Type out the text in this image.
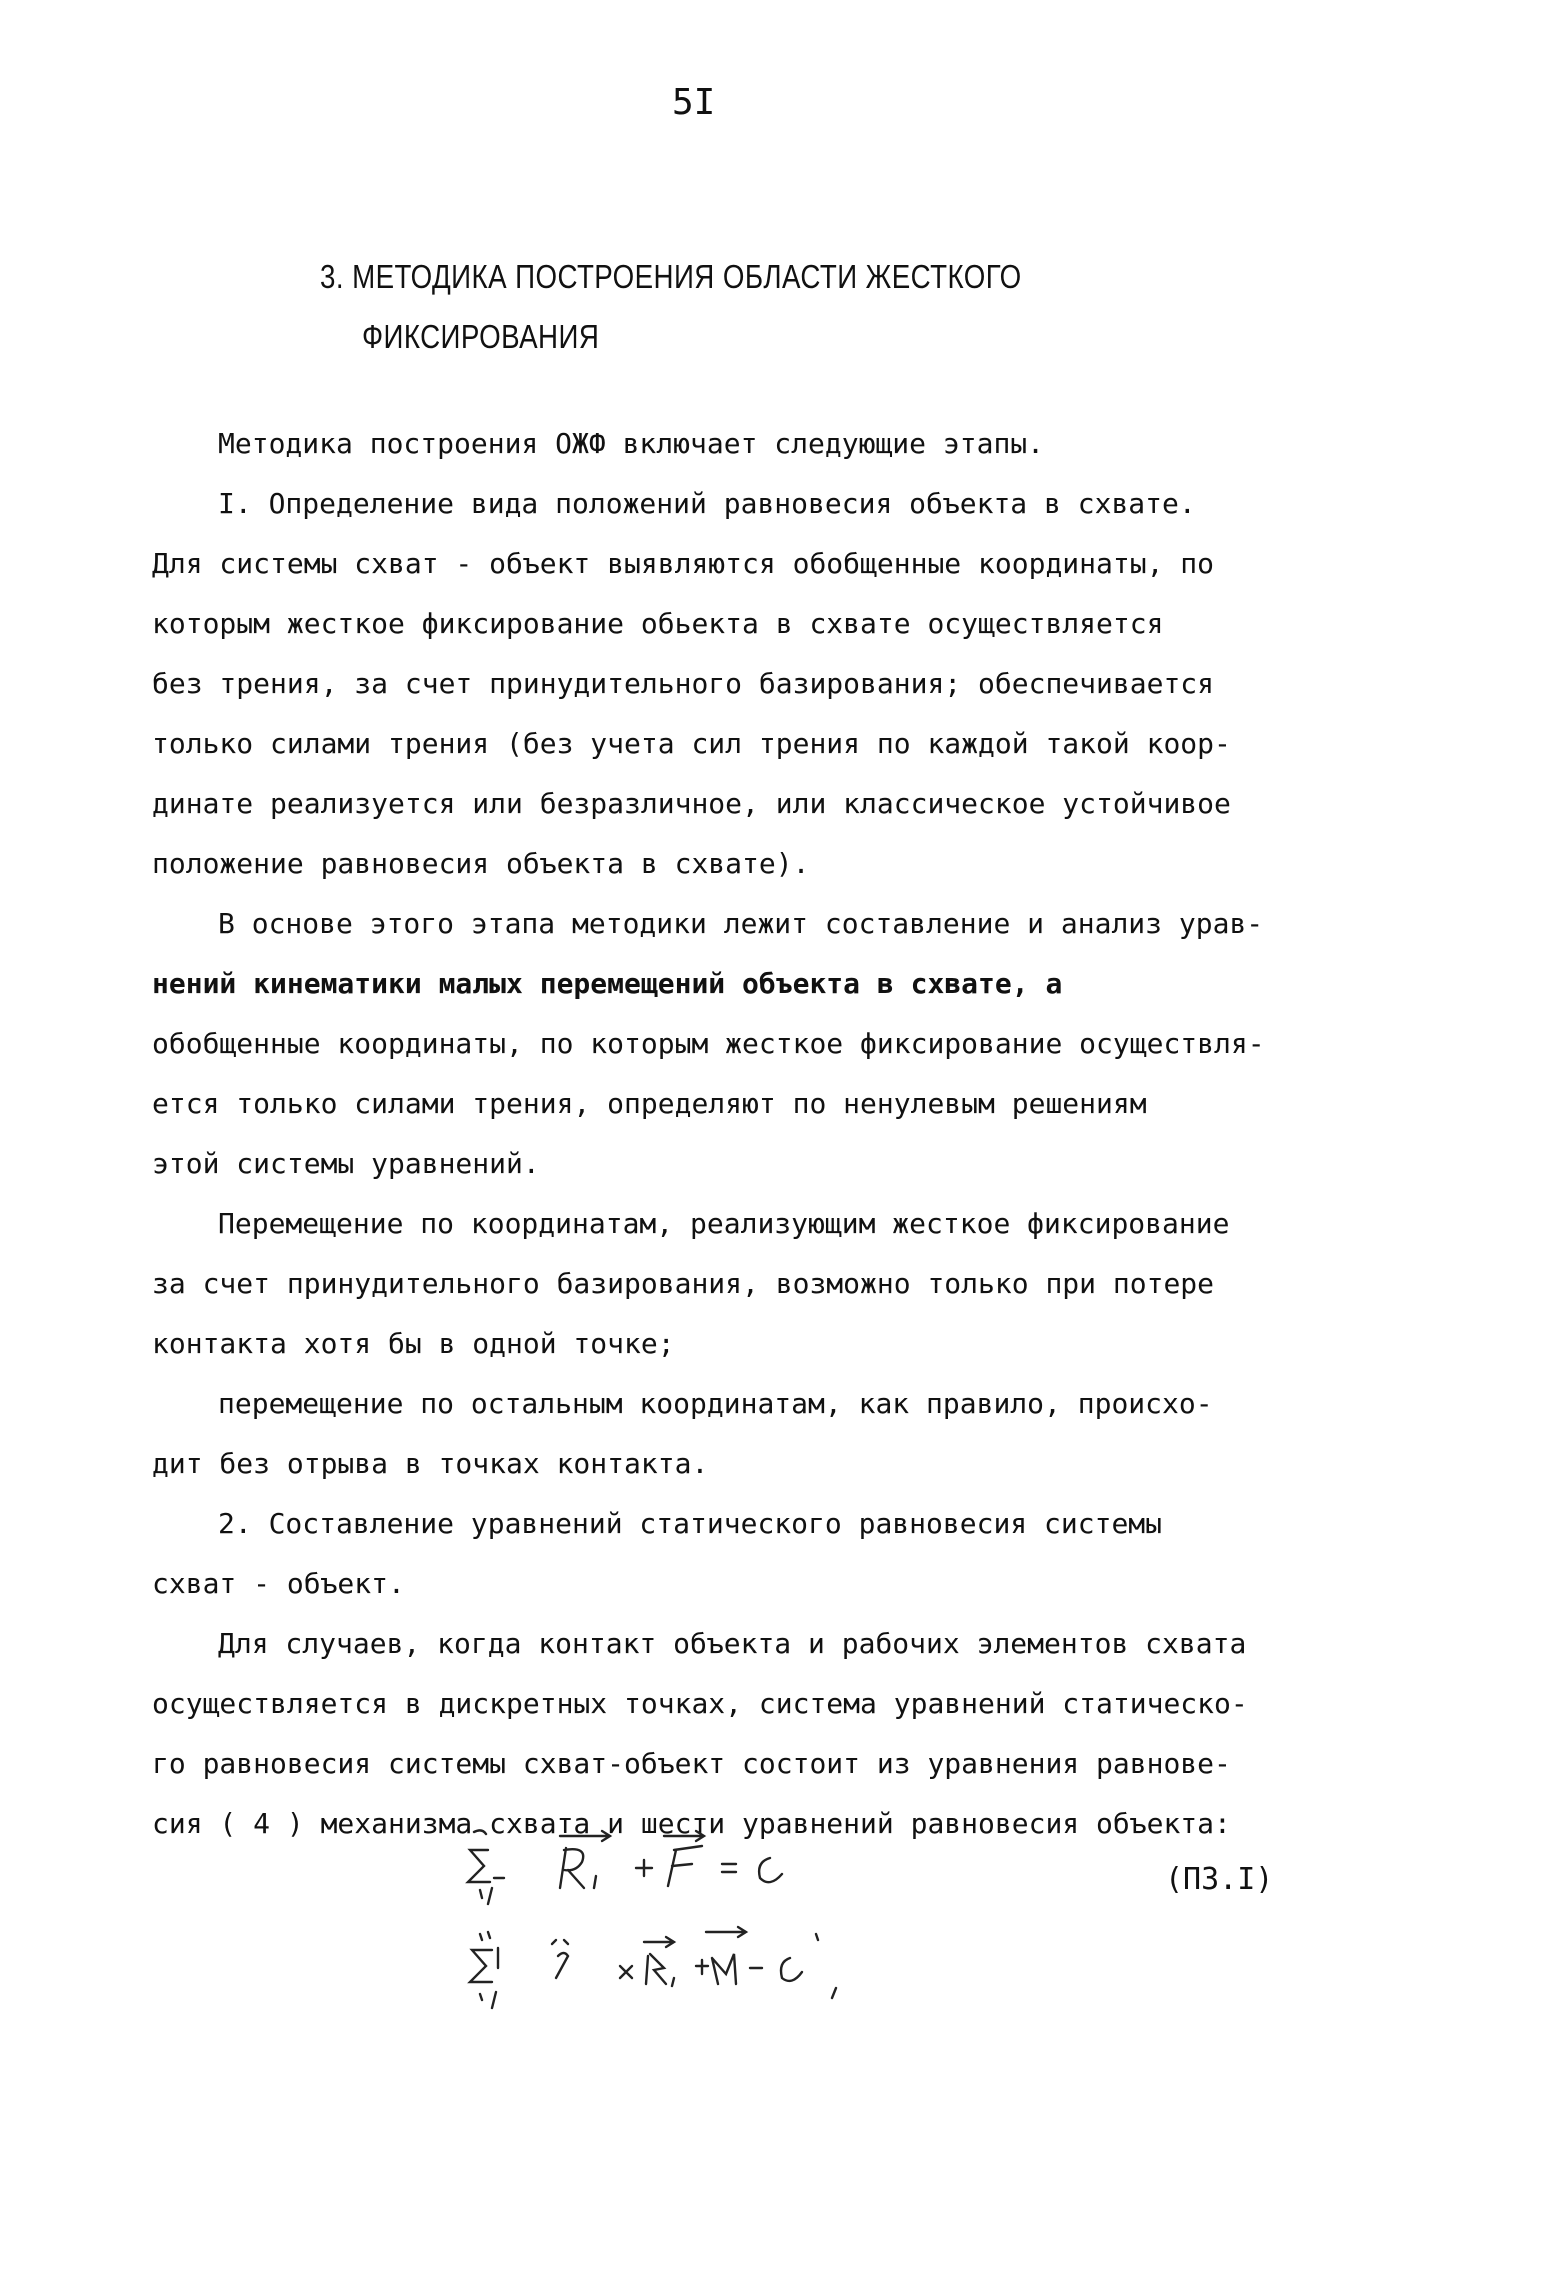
5I
3. МЕТОДИКА ПОСТРОЕНИЯ ОБЛАСТИ ЖЕСТКОГО
ФИКСИРОВАНИЯ
Методика построения ОЖФ включает следующие этапы.
I. Определение вида положений равновесия объекта в схвате.
Для системы схват - объект выявляются обобщенные координаты, по
которым жесткое фиксирование обьекта в схвате осуществляется
без трения, за счет принудительного базирования; обеспечивается
только силами трения (без учета сил трения по каждой такой коор-
динате реализуется или безразличное, или классическое устойчивое
положение равновесия объекта в схвате).
В основе этого этапа методики лежит составление и анализ урав-
нений кинематики малых перемещений объекта в схвате, а
обобщенные координаты, по которым жесткое фиксирование осуществля-
ется только силами трения, определяют по ненулевым решениям
этой системы уравнений.
Перемещение по координатам, реализующим жесткое фиксирование
за счет принудительного базирования, возможно только при потере
контакта хотя бы в одной точке;
перемещение по остальным координатам, как правило, происхо-
дит без отрыва в точках контакта.
2. Составление уравнений статического равновесия системы
схват - объект.
Для случаев, когда контакт объекта и рабочих элементов схвата
осуществляется в дискретных точках, система уравнений статическо-
го равновесия системы схват-объект состоит из уравнения равнове-
сия ( 4 ) механизма схвата и шести уравнений равновесия объекта:
(ПЗ.I)
